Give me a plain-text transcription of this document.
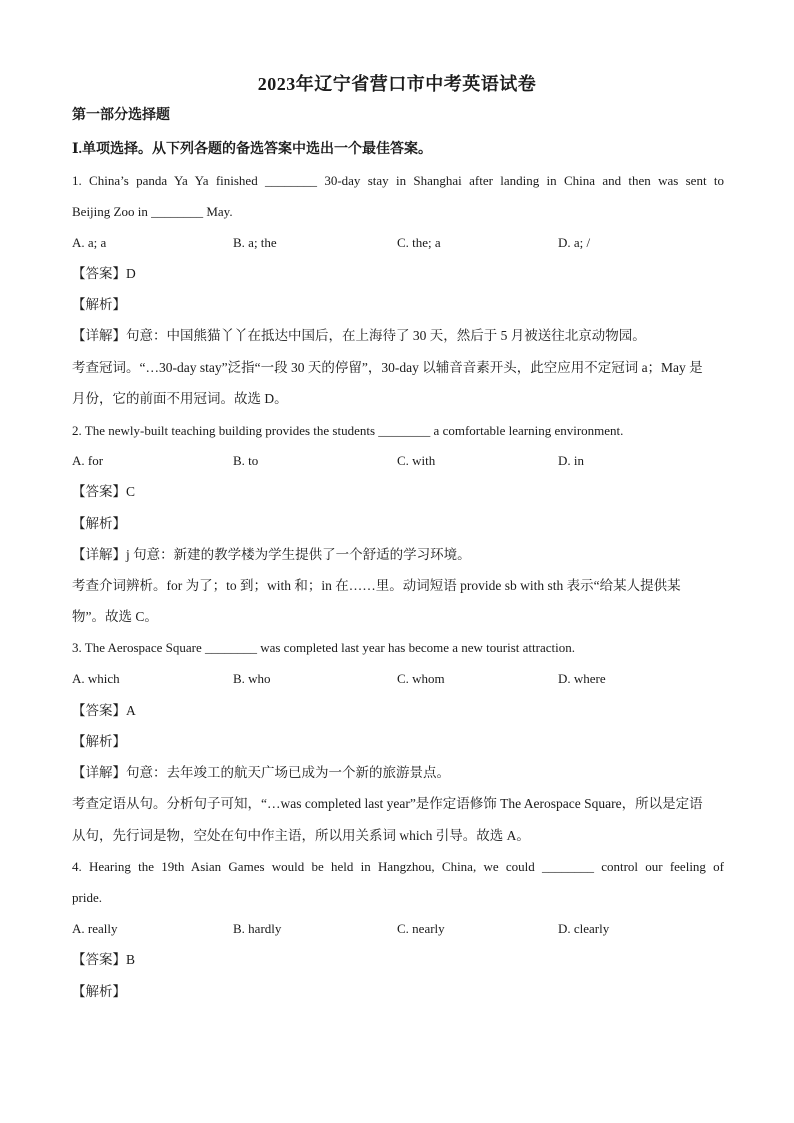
2023年辽宁省营口市中考英语试卷
第一部分选择题
Ⅰ.单项选择。从下列各题的备选答案中选出一个最佳答案。
1. China’s panda Ya Ya finished ________ 30-day stay in Shanghai after landing in China and then was sent to
Beijing Zoo in ________ May.
A. a; a	B. a; the	C. the; a	D. a; /
【答案】D
【解析】
【详解】句意：中国熊猫丫丫在抵达中国后，在上海待了 30 天，然后于 5 月被送往北京动物园。
考查冠词。“…30-day stay”泛指“一段 30 天的停留”，30-day 以辅音音素开头，此空应用不定冠词 a；May 是
月份，它的前面不用冠词。故选 D。
2. The newly-built teaching building provides the students ________ a comfortable learning environment.
A. for	B. to	C. with	D. in
【答案】C
【解析】
【详解】j 句意：新建的教学楼为学生提供了一个舒适的学习环境。
考查介词辨析。for 为了；to 到；with 和；in 在……里。动词短语 provide sb with sth 表示“给某人提供某
物”。故选 C。
3. The Aerospace Square ________ was completed last year has become a new tourist attraction.
A. which	B. who	C. whom	D. where
【答案】A
【解析】
【详解】句意：去年竣工的航天广场已成为一个新的旅游景点。
考查定语从句。分析句子可知，“…was completed last year”是作定语修饰 The Aerospace Square，所以是定语
从句，先行词是物，空处在句中作主语，所以用关系词 which 引导。故选 A。
4. Hearing the 19th Asian Games would be held in Hangzhou, China, we could ________ control our feeling of
pride.
A. really	B. hardly	C. nearly	D. clearly
【答案】B
【解析】
